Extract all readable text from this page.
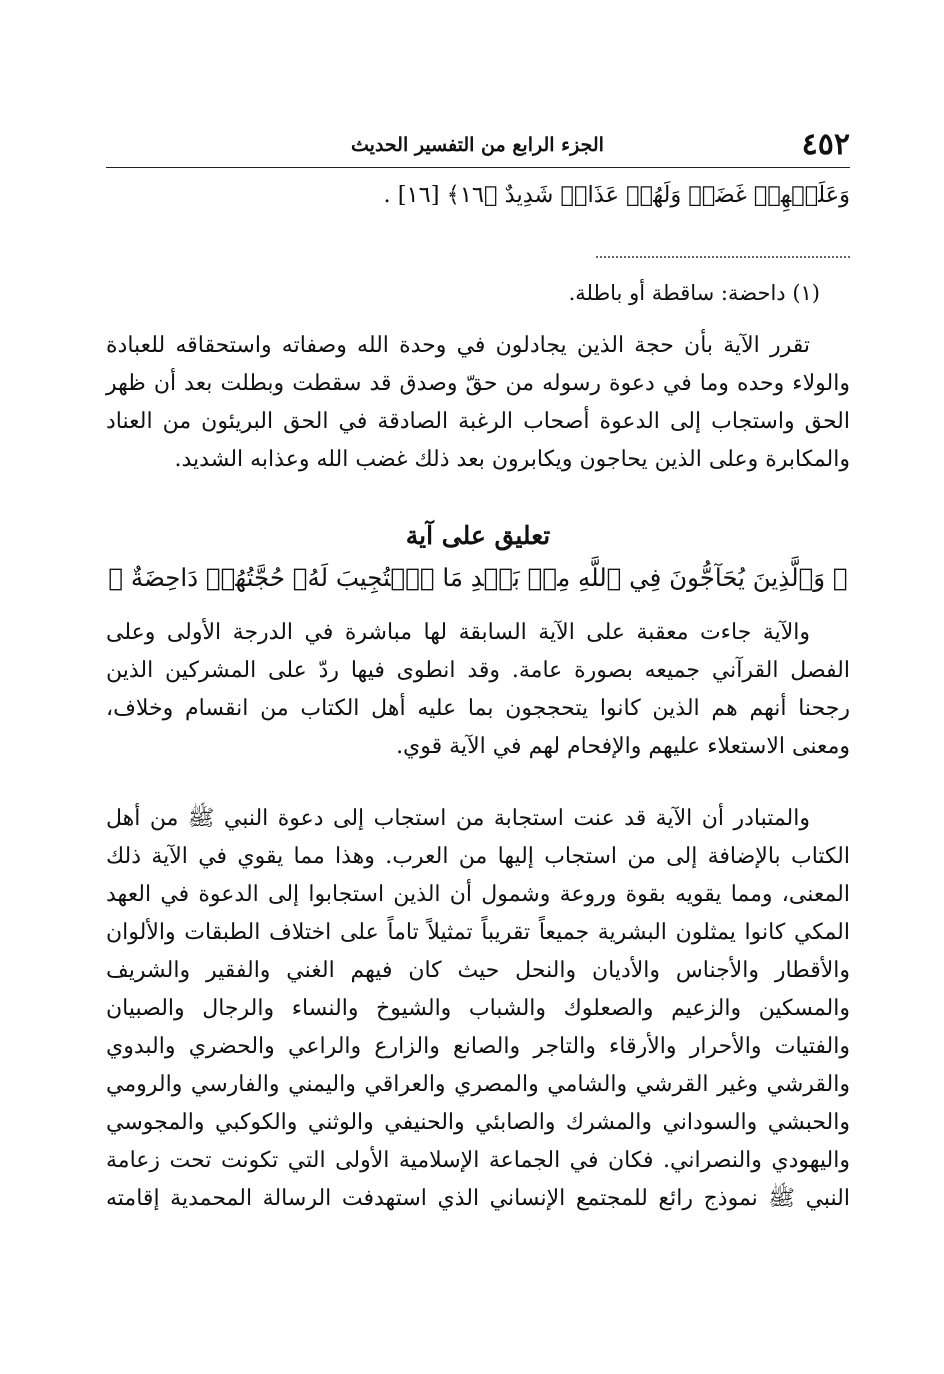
٤٥٢
الجزء الرابع من التفسير الحديث
وَعَلَيۡهِمۡ غَضَبٞ وَلَهُمۡ عَذَابٞ شَدِيدٌ ﴿١٦﴾ [١٦] .
(١) داحضة: ساقطة أو باطلة.

تقرر الآية بأن حجة الذين يجادلون في وحدة الله وصفاته واستحقاقه للعبادة
والولاء وحده وما في دعوة رسوله من حقّ وصدق قد سقطت وبطلت بعد أن ظهر
الحق واستجاب إلى الدعوة أصحاب الرغبة الصادقة في الحق البريئون من العناد
والمكابرة وعلى الذين يحاجون ويكابرون بعد ذلك غضب الله وعذابه الشديد.

تعليق على آية
﴿ وَٱلَّذِينَ يُحَآجُّونَ فِي ٱللَّهِ مِنۢ بَعۡدِ مَا ٱسۡتُجِيبَ لَهُۥ حُجَّتُهُمۡ دَاحِضَةٌ ﴾

والآية جاءت معقبة على الآية السابقة لها مباشرة في الدرجة الأولى وعلى
الفصل القرآني جميعه بصورة عامة. وقد انطوى فيها ردّ على المشركين الذين
رجحنا أنهم هم الذين كانوا يتحججون بما عليه أهل الكتاب من انقسام وخلاف،
ومعنى الاستعلاء عليهم والإفحام لهم في الآية قوي.

والمتبادر أن الآية قد عنت استجابة من استجاب إلى دعوة النبي ﷺ من أهل
الكتاب بالإضافة إلى من استجاب إليها من العرب. وهذا مما يقوي في الآية ذلك
المعنى، ومما يقويه بقوة وروعة وشمول أن الذين استجابوا إلى الدعوة في العهد
المكي كانوا يمثلون البشرية جميعاً تقريباً تمثيلاً تاماً على اختلاف الطبقات والألوان
والأقطار والأجناس والأديان والنحل حيث كان فيهم الغني والفقير والشريف
والمسكين والزعيم والصعلوك والشباب والشيوخ والنساء والرجال والصبيان
والفتيات والأحرار والأرقاء والتاجر والصانع والزارع والراعي والحضري والبدوي
والقرشي وغير القرشي والشامي والمصري والعراقي واليمني والفارسي والرومي
والحبشي والسوداني والمشرك والصابئي والحنيفي والوثني والكوكبي والمجوسي
واليهودي والنصراني. فكان في الجماعة الإسلامية الأولى التي تكونت تحت زعامة
النبي ﷺ نموذج رائع للمجتمع الإنساني الذي استهدفت الرسالة المحمدية إقامته
